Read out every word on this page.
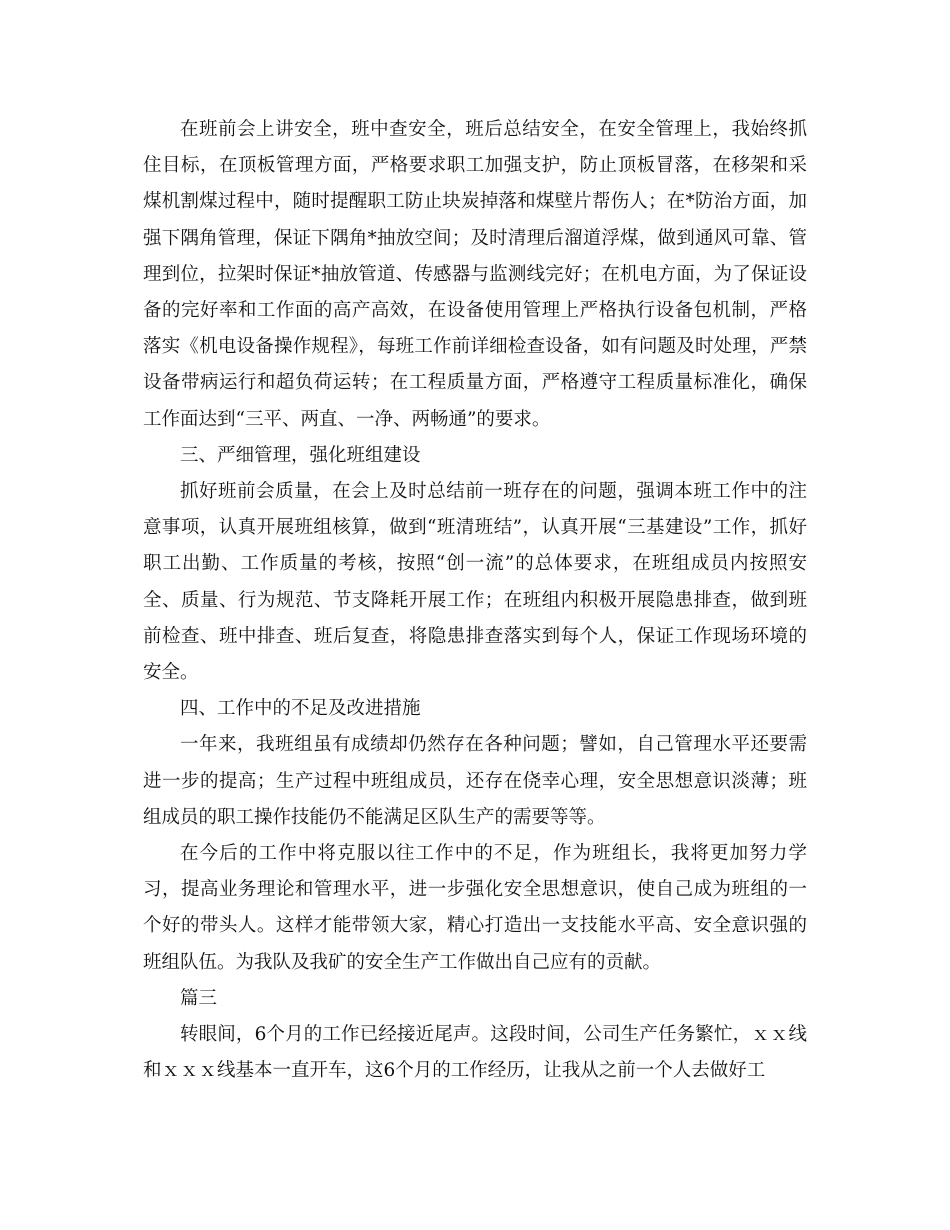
在班前会上讲安全，班中查安全，班后总结安全，在安全管理上，我始终抓住目标，在顶板管理方面，严格要求职工加强支护，防止顶板冒落，在移架和采煤机割煤过程中，随时提醒职工防止块炭掉落和煤壁片帮伤人；在*防治方面，加强下隅角管理，保证下隅角*抽放空间；及时清理后溜道浮煤，做到通风可靠、管理到位，拉架时保证*抽放管道、传感器与监测线完好；在机电方面，为了保证设备的完好率和工作面的高产高效，在设备使用管理上严格执行设备包机制，严格落实《机电设备操作规程》，每班工作前详细检查设备，如有问题及时处理，严禁设备带病运行和超负荷运转；在工程质量方面，严格遵守工程质量标准化，确保工作面达到“三平、两直、一净、两畅通”的要求。

三、严细管理，强化班组建设

抓好班前会质量，在会上及时总结前一班存在的问题，强调本班工作中的注意事项，认真开展班组核算，做到“班清班结”，认真开展“三基建设”工作，抓好职工出勤、工作质量的考核，按照“创一流”的总体要求，在班组成员内按照安全、质量、行为规范、节支降耗开展工作；在班组内积极开展隐患排查，做到班前检查、班中排查、班后复查，将隐患排查落实到每个人，保证工作现场环境的安全。

四、工作中的不足及改进措施

一年来，我班组虽有成绩却仍然存在各种问题；譬如，自己管理水平还要需进一步的提高；生产过程中班组成员，还存在侥幸心理，安全思想意识淡薄；班组成员的职工操作技能仍不能满足区队生产的需要等等。

在今后的工作中将克服以往工作中的不足，作为班组长，我将更加努力学习，提高业务理论和管理水平，进一步强化安全思想意识，使自己成为班组的一个好的带头人。这样才能带领大家，精心打造出一支技能水平高、安全意识强的班组队伍。为我队及我矿的安全生产工作做出自己应有的贡献。

篇三

转眼间，6个月的工作已经接近尾声。这段时间，公司生产任务繁忙，ｘｘ线和ｘｘｘ线基本一直开车，这6个月的工作经历，让我从之前一个人去做好工
